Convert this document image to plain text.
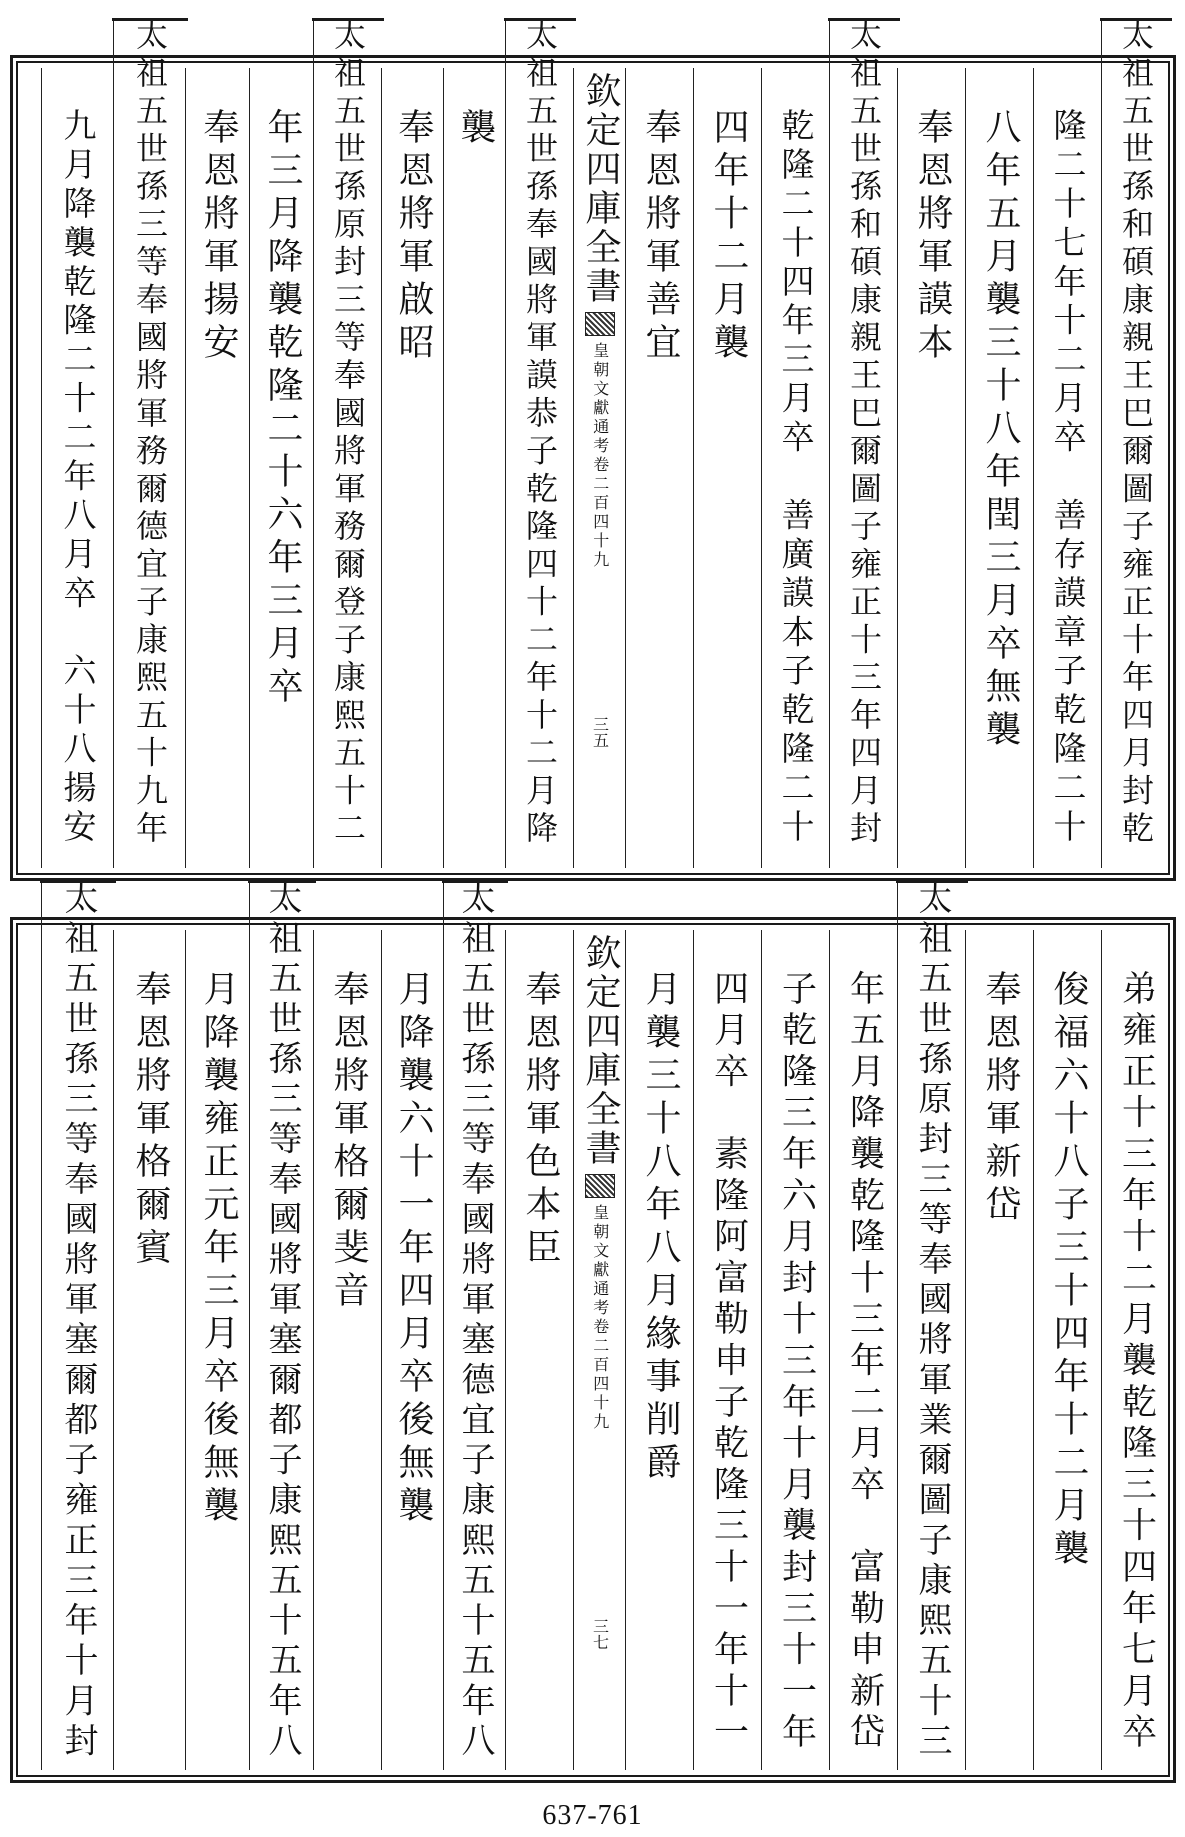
太祖五世孫和碩康親王巴爾圖子雍正十年四月封乾
隆二十七年十二月卒　善存謨章子乾隆二十
八年五月襲三十八年閏三月卒無襲
奉恩將軍謨本
太祖五世孫和碩康親王巴爾圖子雍正十三年四月封
乾隆二十四年三月卒　善廣謨本子乾隆二十
四年十二月襲
奉恩將軍善宜
欽定四庫全書
皇朝文獻通考
卷二百四十九
三五
太祖五世孫奉國將軍謨恭子乾隆四十二年十二月降
襲
奉恩將軍啟昭
太祖五世孫原封三等奉國將軍務爾登子康熙五十二
年三月降襲乾隆二十六年三月卒
奉恩將軍揚安
太祖五世孫三等奉國將軍務爾德宜子康熙五十九年
九月降襲乾隆二十二年八月卒　六十八揚安
弟雍正十三年十二月襲乾隆三十四年七月卒
俊福六十八子三十四年十二月襲
奉恩將軍新岱
太祖五世孫原封三等奉國將軍業爾圖子康熙五十三
年五月降襲乾隆十三年二月卒　富勒申新岱
子乾隆三年六月封十三年十月襲封三十一年
四月卒　素隆阿富勒申子乾隆三十一年十一
月襲三十八年八月緣事削爵
欽定四庫全書
皇朝文獻通考
卷二百四十九
三七
奉恩將軍色本臣
太祖五世孫三等奉國將軍塞德宜子康熙五十五年八
月降襲六十一年四月卒後無襲
奉恩將軍格爾斐音
太祖五世孫三等奉國將軍塞爾都子康熙五十五年八
月降襲雍正元年三月卒後無襲
奉恩將軍格爾賓
太祖五世孫三等奉國將軍塞爾都子雍正三年十月封
637-761
